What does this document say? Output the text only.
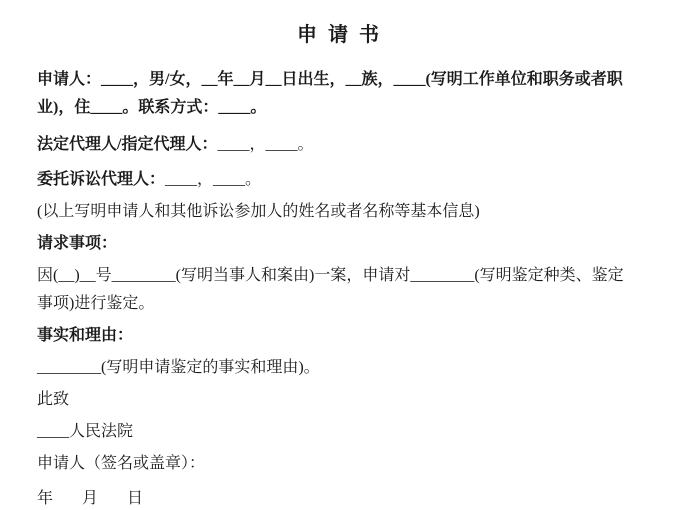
申请书

申请人：____，男/女，__年__月__日出生，__族，____(写明工作单位和职务或者职业)，住____。联系方式：____。

法定代理人/指定代理人：____，____。

委托诉讼代理人：____，____。

(以上写明申请人和其他诉讼参加人的姓名或者名称等基本信息)

请求事项：

因(__)__号________(写明当事人和案由)一案，申请对________(写明鉴定种类、鉴定事项)进行鉴定。

事实和理由：

________(写明申请鉴定的事实和理由)。

此致

____人民法院

申请人（签名或盖章）：

年 月 日
